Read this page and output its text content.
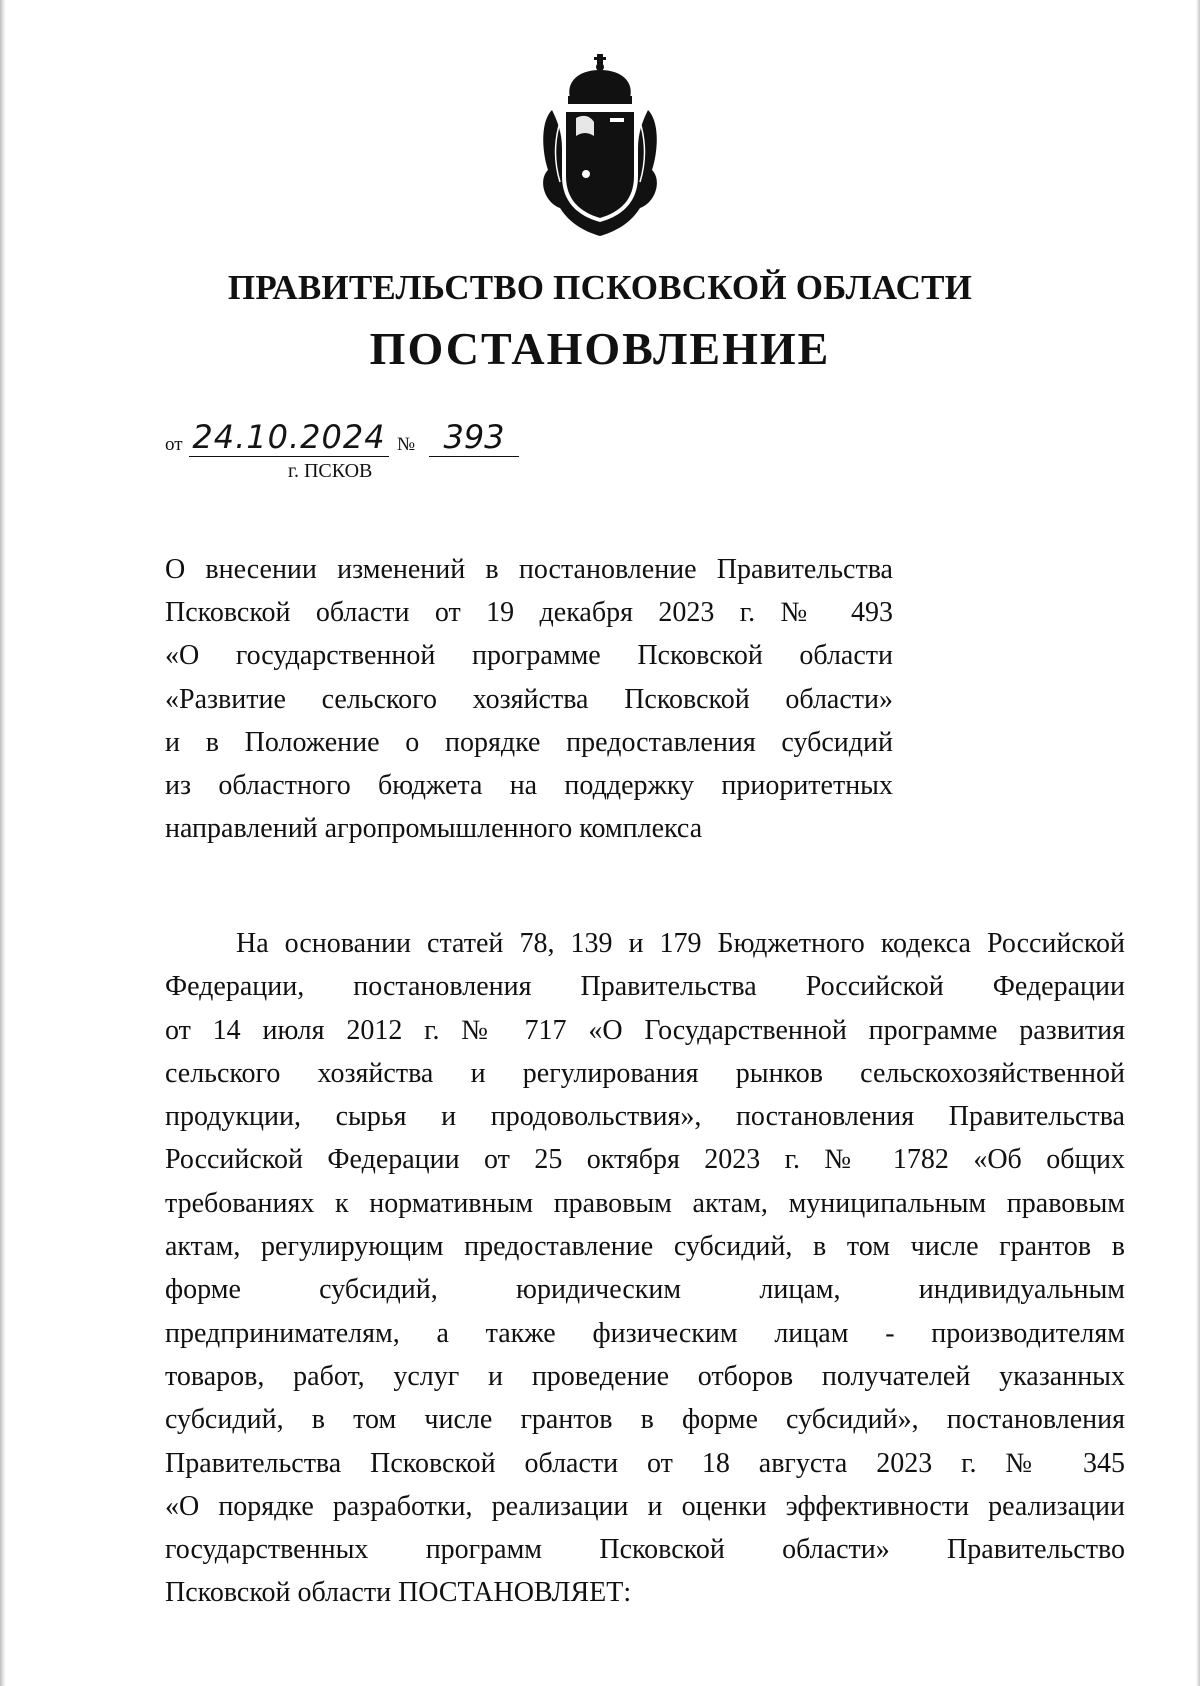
ПРАВИТЕЛЬСТВО ПСКОВСКОЙ ОБЛАСТИ
ПОСТАНОВЛЕНИЕ
от 24.10.2024 № 393
г. ПСКОВ
О внесении изменений в постановление Правительства
Псковской области от 19 декабря 2023 г. № 493
«О государственной программе Псковской области
«Развитие сельского хозяйства Псковской области»
и в Положение о порядке предоставления субсидий
из областного бюджета на поддержку приоритетных
направлений агропромышленного комплекса
На основании статей 78, 139 и 179 Бюджетного кодекса Российской
Федерации, постановления Правительства Российской Федерации
от 14 июля 2012 г. № 717 «О Государственной программе развития
сельского хозяйства и регулирования рынков сельскохозяйственной
продукции, сырья и продовольствия», постановления Правительства
Российской Федерации от 25 октября 2023 г. № 1782 «Об общих
требованиях к нормативным правовым актам, муниципальным правовым
актам, регулирующим предоставление субсидий, в том числе грантов в
форме субсидий, юридическим лицам, индивидуальным
предпринимателям, а также физическим лицам - производителям
товаров, работ, услуг и проведение отборов получателей указанных
субсидий, в том числе грантов в форме субсидий», постановления
Правительства Псковской области от 18 августа 2023 г. № 345
«О порядке разработки, реализации и оценки эффективности реализации
государственных программ Псковской области» Правительство
Псковской области ПОСТАНОВЛЯЕТ:
